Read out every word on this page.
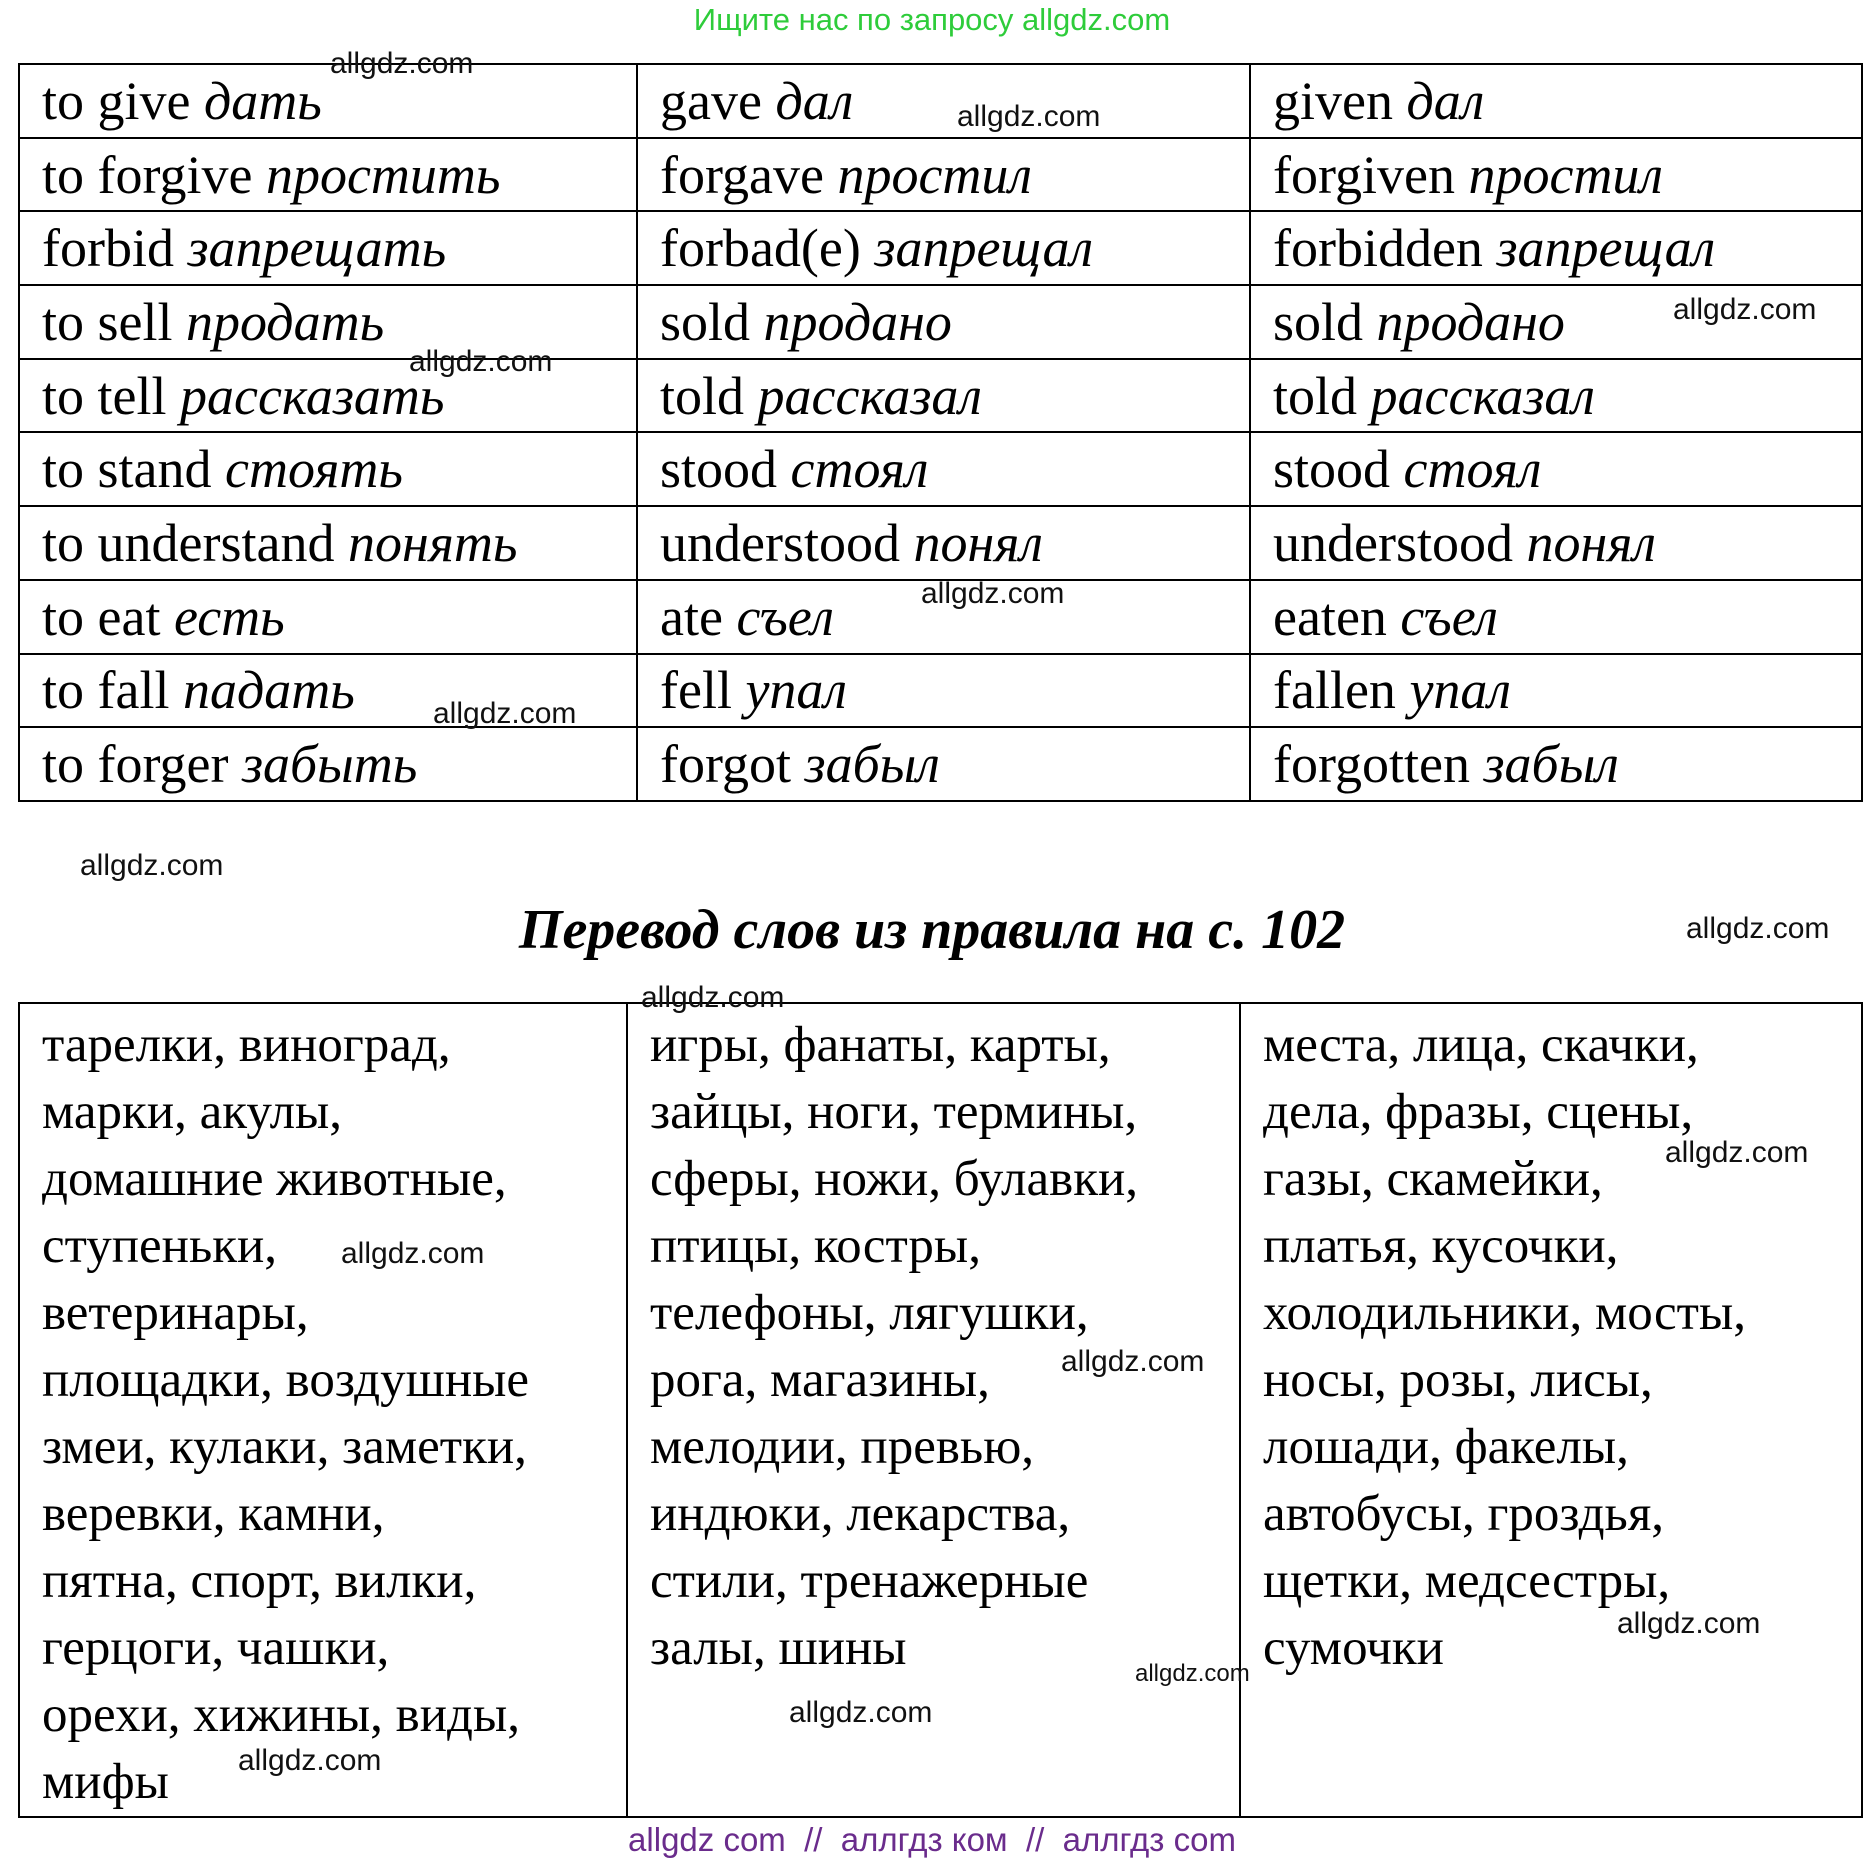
Ищите нас по запросу allgdz.com
to give дать	gave дал	given дал
to forgive простить	forgave простил	forgiven простил
forbid запрещать	forbad(e) запрещал	forbidden запрещал
to sell продать	sold продано	sold продано
to tell рассказать	told рассказал	told рассказал
to stand стоять	stood стоял	stood стоял
to understand понять	understood понял	understood понял
to eat есть	ate съел	eaten съел
to fall падать	fell упал	fallen упал
to forger забыть	forgot забыл	forgotten забыл
Перевод слов из правила на с. 102
тарелки, виноград,
марки, акулы,
домашние животные,
ступеньки,
ветеринары,
площадки, воздушные
змеи, кулаки, заметки,
веревки, камни,
пятна, спорт, вилки,
герцоги, чашки,
орехи, хижины, виды,
мифы

игры, фанаты, карты,
зайцы, ноги, термины,
сферы, ножи, булавки,
птицы, костры,
телефоны, лягушки,
рога, магазины,
мелодии, превью,
индюки, лекарства,
стили, тренажерные
залы, шины

места, лица, скачки,
дела, фразы, сцены,
газы, скамейки,
платья, кусочки,
холодильники, мосты,
носы, розы, лисы,
лошади, факелы,
автобусы, гроздья,
щетки, медсестры,
сумочки
allgdz.com
allgdz.com
allgdz.com
allgdz.com
allgdz.com
allgdz.com
allgdz.com
allgdz.com
allgdz.com
allgdz.com
allgdz.com
allgdz.com
allgdz.com
allgdz.com
allgdz.com
allgdz.com
allgdz com  //  аллгдз ком  //  аллгдз com
